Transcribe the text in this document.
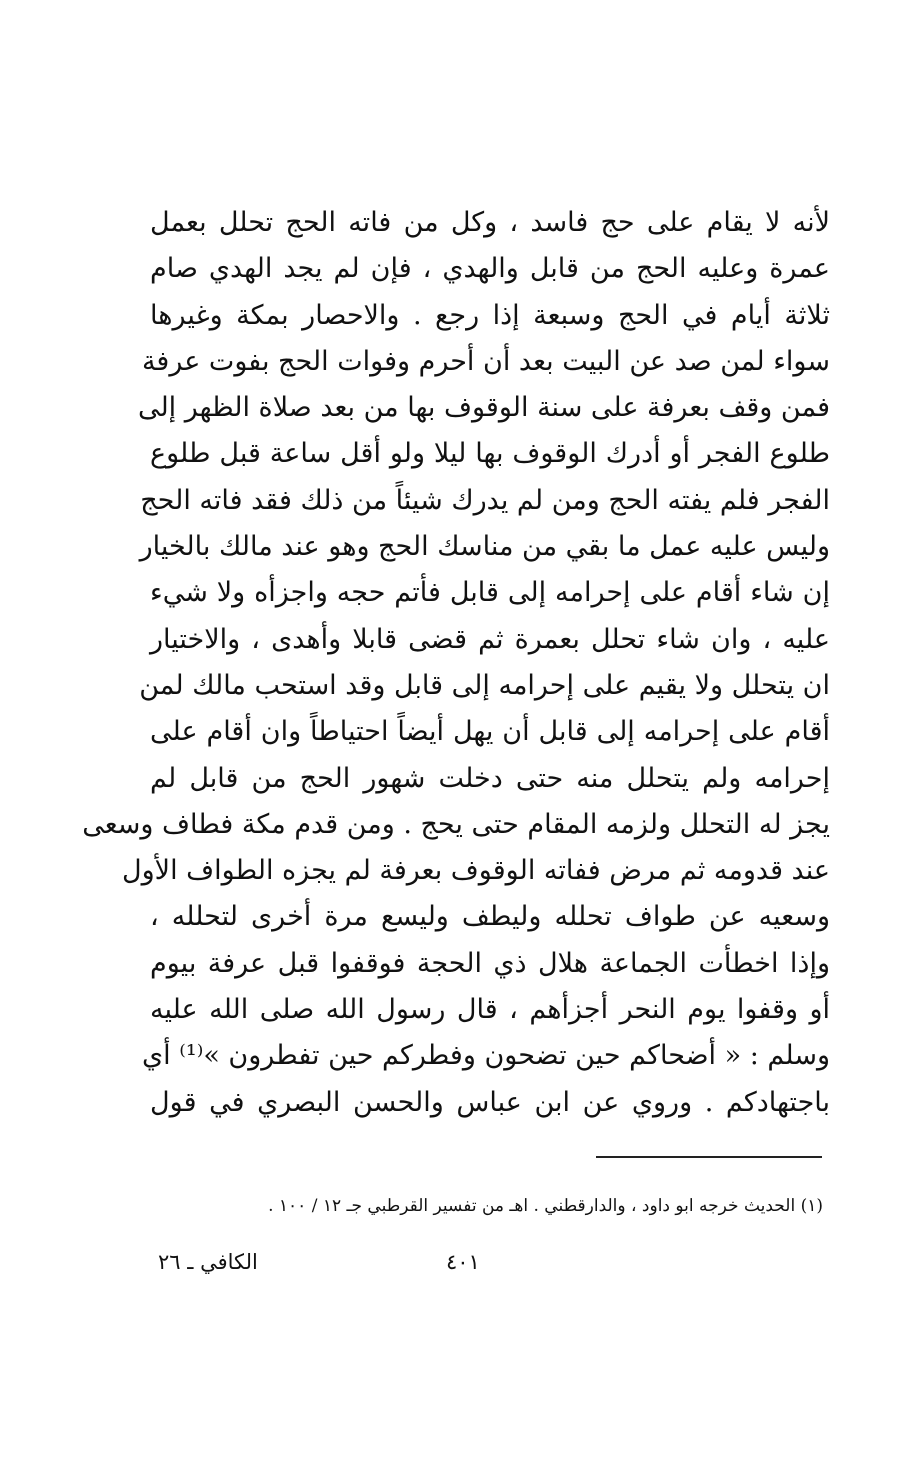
لأنه لا يقام على حج فاسد ، وكل من فاته الحج تحلل بعمل
عمرة وعليه الحج من قابل والهدي ، فإن لم يجد الهدي صام
ثلاثة أيام في الحج وسبعة إذا رجع . والاحصار بمكة وغيرها
سواء لمن صد عن البيت بعد أن أحرم وفوات الحج بفوت عرفة
فمن وقف بعرفة على سنة الوقوف بها من بعد صلاة الظهر إلى
طلوع الفجر أو أدرك الوقوف بها ليلا ولو أقل ساعة قبل طلوع
الفجر فلم يفته الحج ومن لم يدرك شيئاً من ذلك فقد فاته الحج
وليس عليه عمل ما بقي من مناسك الحج وهو عند مالك بالخيار
إن شاء أقام على إحرامه إلى قابل فأتم حجه واجزأه ولا شيء
عليه ، وان شاء تحلل بعمرة ثم قضى قابلا وأهدى ، والاختيار
ان يتحلل ولا يقيم على إحرامه إلى قابل وقد استحب مالك لمن
أقام على إحرامه إلى قابل أن يهل أيضاً احتياطاً وان أقام على
إحرامه ولم يتحلل منه حتى دخلت شهور الحج من قابل لم
يجز له التحلل ولزمه المقام حتى يحج . ومن قدم مكة فطاف وسعى
عند قدومه ثم مرض ففاته الوقوف بعرفة لم يجزه الطواف الأول
وسعيه عن طواف تحلله وليطف وليسع مرة أخرى لتحلله ،
وإذا اخطأت الجماعة هلال ذي الحجة فوقفوا قبل عرفة بيوم
أو وقفوا يوم النحر أجزأهم ، قال رسول الله صلى الله عليه
وسلم : « أضحاكم حين تضحون وفطركم حين تفطرون »⁽¹⁾ أي
باجتهادكم . وروي عن ابن عباس والحسن البصري في قول
(١) الحديث خرجه ابو داود ، والدارقطني . اهـ من تفسير القرطبي جـ ١٢ / ١٠٠ .
الكافي ـ ٢٦	٤٠١
